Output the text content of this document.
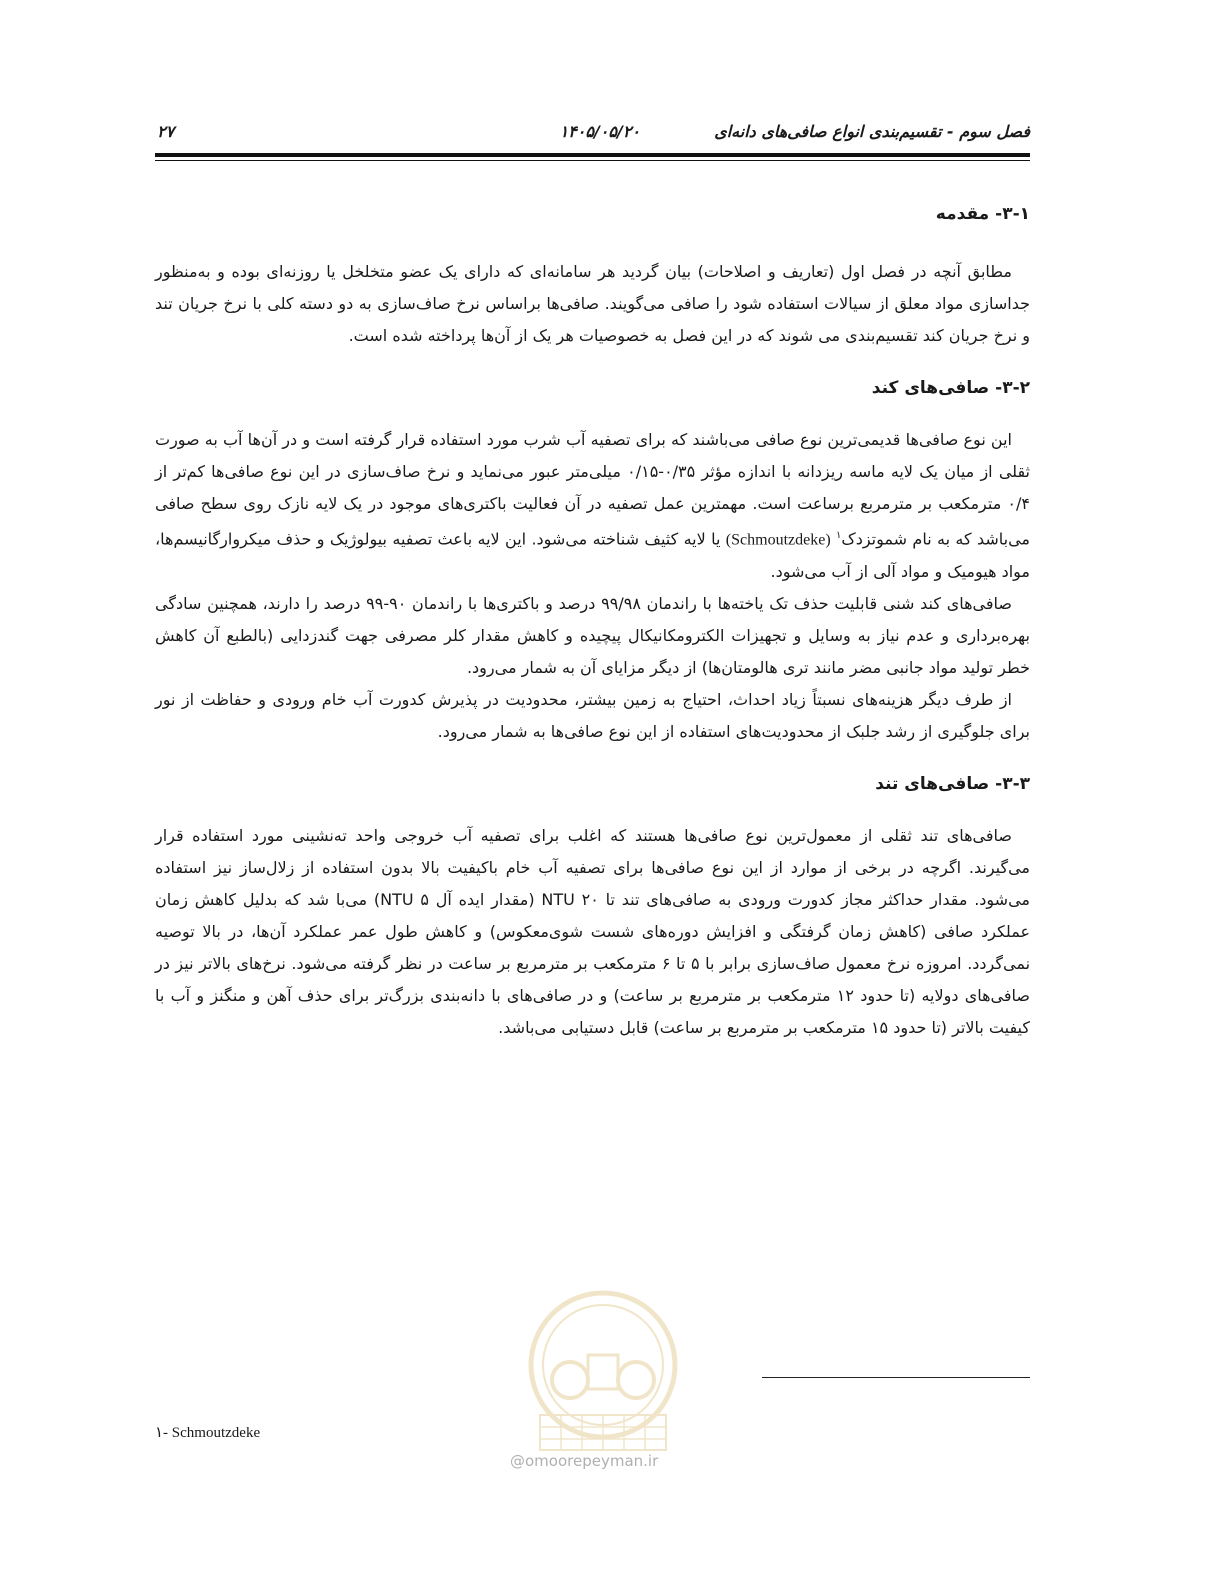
فصل سوم - تقسیم‌بندی انواع صافی‌های دانه‌ای
۱۴۰۵/۰۵/۲۰
۲۷
۳-۱- مقدمه

مطابق آنچه در فصل اول (تعاریف و اصلاحات) بیان گردید هر سامانه‌ای که دارای یک عضو متخلخل یا روزنه‌ای بوده و به‌منظور جداسازی مواد معلق از سیالات استفاده شود را صافی می‌گویند. صافی‌ها براساس نرخ صاف‌سازی به دو دسته کلی با نرخ جریان تند و نرخ جریان کند تقسیم‌بندی می شوند که در این فصل به خصوصیات هر یک از آن‌ها پرداخته شده است.

۳-۲- صافی‌های کند

این نوع صافی‌ها قدیمی‌ترین نوع صافی می‌باشند که برای تصفیه آب شرب مورد استفاده قرار گرفته است و در آن‌ها آب به صورت ثقلی از میان یک لایه ماسه ریزدانه با اندازه مؤثر ۰/۳۵-۰/۱۵ میلی‌متر عبور می‌نماید و نرخ صاف‌سازی در این نوع صافی‌ها کم‌تر از ۰/۴ مترمکعب بر مترمربع برساعت است. مهمترین عمل تصفیه در آن فعالیت باکتری‌های موجود در یک لایه نازک روی سطح صافی می‌باشد که به نام شموتزدک$^۱$ (Schmoutzdeke) یا لایه کثیف شناخته می‌شود. این لایه باعث تصفیه بیولوژیک و حذف میکروارگانیسم‌ها، مواد هیومیک و مواد آلی از آب می‌شود.

صافی‌های کند شنی قابلیت حذف تک یاخته‌ها با راندمان ۹۹/۹۸ درصد و باکتری‌ها با راندمان ۹۰-۹۹ درصد را دارند، همچنین سادگی بهره‌برداری و عدم نیاز به وسایل و تجهیزات الکترومکانیکال پیچیده و کاهش مقدار کلر مصرفی جهت گندزدایی (بالطبع آن کاهش خطر تولید مواد جانبی مضر مانند تری هالومتان‌ها) از دیگر مزایای آن به شمار می‌رود.

از طرف دیگر هزینه‌های نسبتاً زیاد احداث، احتیاج به زمین بیشتر، محدودیت در پذیرش کدورت آب خام ورودی و حفاظت از نور برای جلوگیری از رشد جلبک از محدودیت‌های استفاده از این نوع صافی‌ها به شمار می‌رود.

۳-۳- صافی‌های تند

صافی‌های تند ثقلی از معمول‌ترین نوع صافی‌ها هستند که اغلب برای تصفیه آب خروجی واحد ته‌نشینی مورد استفاده قرار می‌گیرند. اگرچه در برخی از موارد از این نوع صافی‌ها برای تصفیه آب خام باکیفیت بالا بدون استفاده از زلال‌ساز نیز استفاده می‌شود. مقدار حداکثر مجاز کدورت ورودی به صافی‌های تند تا ۲۰ NTU (مقدار ایده آل ۵ NTU) می‌با شد که بدلیل کاهش زمان عملکرد صافی (کاهش زمان گرفتگی و افزایش دوره‌های شست شوی‌معکوس) و کاهش طول عمر عملکرد آن‌ها، در بالا توصیه نمی‌گردد. امروزه نرخ معمول صاف‌سازی برابر با ۵ تا ۶ مترمکعب بر مترمربع بر ساعت در نظر گرفته می‌شود. نرخ‌های بالاتر نیز در صافی‌های دولایه (تا حدود ۱۲ مترمکعب بر مترمربع بر ساعت) و در صافی‌های با دانه‌بندی بزرگ‌تر برای حذف آهن و منگنز و آب با کیفیت بالاتر (تا حدود ۱۵ مترمکعب بر مترمربع بر ساعت) قابل دستیابی می‌باشد.

@omoorepeyman.ir
۱- Schmoutzdeke
